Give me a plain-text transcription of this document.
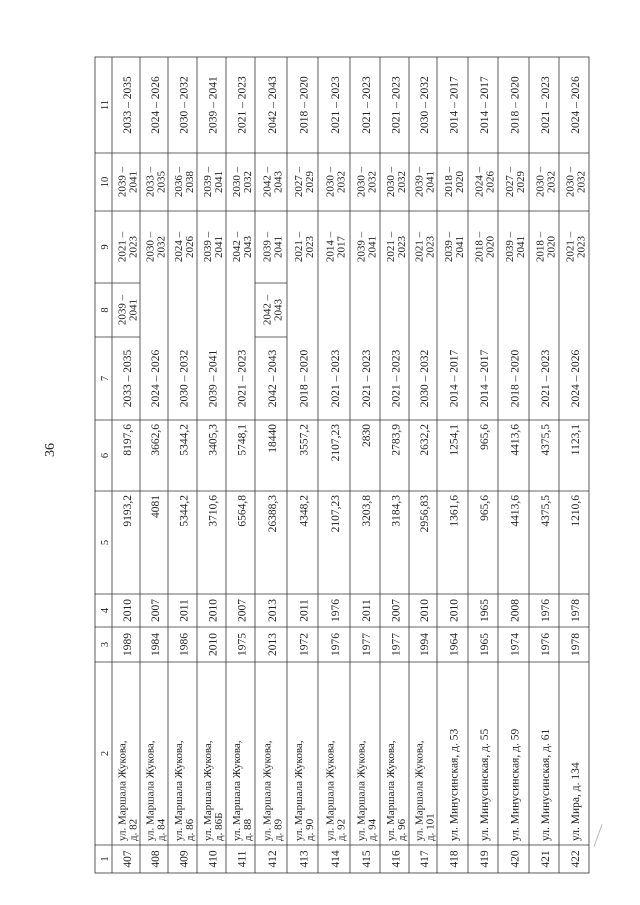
36
1
2
3
4
5
6
7
8
9
10
11
407
ул. Маршала Жукова,
д. 82
1989
2010
9193,2
8197,6
2033 – 2035
2039 –
2041
2021 –
2023
2039 –
2041
2033 – 2035
408
ул. Маршала Жукова, д. 84
1984
2007
4081
3662,6
2024 – 2026
2030 – 2032
2033 – 2035
2024 – 2026
409
ул. Маршала Жукова, д. 86
1986
2011
5344,2
5344,2
2030 – 2032
2024 – 2026
2036 – 2038
2030 – 2032
410
ул. Маршала Жукова, д. 86Б
2010
2010
3710,6
3405,3
2039 – 2041
2039 – 2041
2039 – 2041
2039 – 2041
411
ул. Маршала Жукова, д. 88
1975
2007
6564,8
5748,1
2021 – 2023
2042 – 2043
2030 – 2032
2021 – 2023
412
ул. Маршала Жукова, д. 89
2013
2013
26388,3
18440
2042 – 2043
2042 – 2043
2039 – 2041
2042 – 2043
2042 – 2043
413
ул. Маршала Жукова, д. 90
1972
2011
4348,2
3557,2
2018 – 2020
2021 – 2023
2027 – 2029
2018 – 2020
414
ул. Маршала Жукова, д. 92
1976
1976
2107,23
2107,23
2021 – 2023
2014 – 2017
2030 – 2032
2021 – 2023
415
ул. Маршала Жукова, д. 94
1977
2011
3203,8
2830
2021 – 2023
2039 – 2041
2030 – 2032
2021 – 2023
416
ул. Маршала Жукова, д. 96
1977
2007
3184,3
2783,9
2021 – 2023
2021 – 2023
2030 – 2032
2021 – 2023
417
ул. Маршала Жукова, д. 101
1994
2010
2956,83
2632,2
2030 – 2032
2021 – 2023
2039 – 2041
2030 – 2032
418
ул. Минусинская, д. 53
1964
2010
1361,6
1254,1
2014 – 2017
2039 – 2041
2018 – 2020
2014 – 2017
419
ул. Минусинская, д. 55
1965
1965
965,6
965,6
2014 – 2017
2018 – 2020
2024 – 2026
2014 – 2017
420
ул. Минусинская, д. 59
1974
2008
4413,6
4413,6
2018 – 2020
2039 – 2041
2027 – 2029
2018 – 2020
421
ул. Минусинская, д. 61
1976
1976
4375,5
4375,5
2021 – 2023
2018 – 2020
2030 – 2032
2021 – 2023
422
ул. Мира, д. 134
1978
1978
1210,6
1123,1
2024 – 2026
2021 – 2023
2030 – 2032
2024 – 2026
